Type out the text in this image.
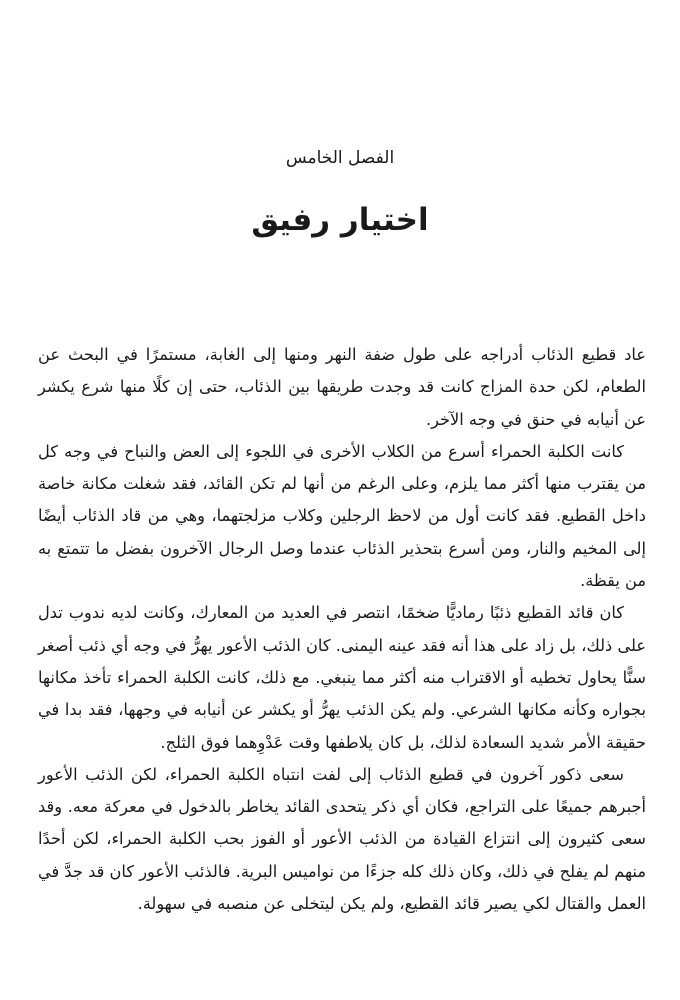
الفصل الخامس
اختيار رفيق

عاد قطيع الذئاب أدراجه على طول ضفة النهر ومنها إلى الغابة، مستمرًا في البحث عن الطعام، لكن حدة المزاج كانت قد وجدت طريقها بين الذئاب، حتى إن كلًا منها شرع يكشر عن أنيابه في حنق في وجه الآخر.

كانت الكلبة الحمراء أسرع من الكلاب الأخرى في اللجوء إلى العض والنباح في وجه كل من يقترب منها أكثر مما يلزم، وعلى الرغم من أنها لم تكن القائد، فقد شغلت مكانة خاصة داخل القطيع. فقد كانت أول من لاحظ الرجلين وكلاب مزلجتهما، وهي من قاد الذئاب أيضًا إلى المخيم والنار، ومن أسرع بتحذير الذئاب عندما وصل الرجال الآخرون بفضل ما تتمتع به من يقظة.

كان قائد القطيع ذئبًا رماديًّا ضخمًا، انتصر في العديد من المعارك، وكانت لديه ندوب تدل على ذلك، بل زاد على هذا أنه فقد عينه اليمنى. كان الذئب الأعور يهرُّ في وجه أي ذئب أصغر سنًّا يحاول تخطيه أو الاقتراب منه أكثر مما ينبغي. مع ذلك، كانت الكلبة الحمراء تأخذ مكانها بجواره وكأنه مكانها الشرعي. ولم يكن الذئب يهرُّ أو يكشر عن أنيابه في وجهها، فقد بدا في حقيقة الأمر شديد السعادة لذلك، بل كان يلاطفها وقت عَدْوِهما فوق الثلج.

سعى ذكور آخرون في قطيع الذئاب إلى لفت انتباه الكلبة الحمراء، لكن الذئب الأعور أجبرهم جميعًا على التراجع، فكان أي ذكر يتحدى القائد يخاطر بالدخول في معركة معه. وقد سعى كثيرون إلى انتزاع القيادة من الذئب الأعور أو الفوز بحب الكلبة الحمراء، لكن أحدًا منهم لم يفلح في ذلك، وكان ذلك كله جزءًا من نواميس البرية. فالذئب الأعور كان قد جدَّ في العمل والقتال لكي يصير قائد القطيع، ولم يكن ليتخلى عن منصبه في سهولة.
